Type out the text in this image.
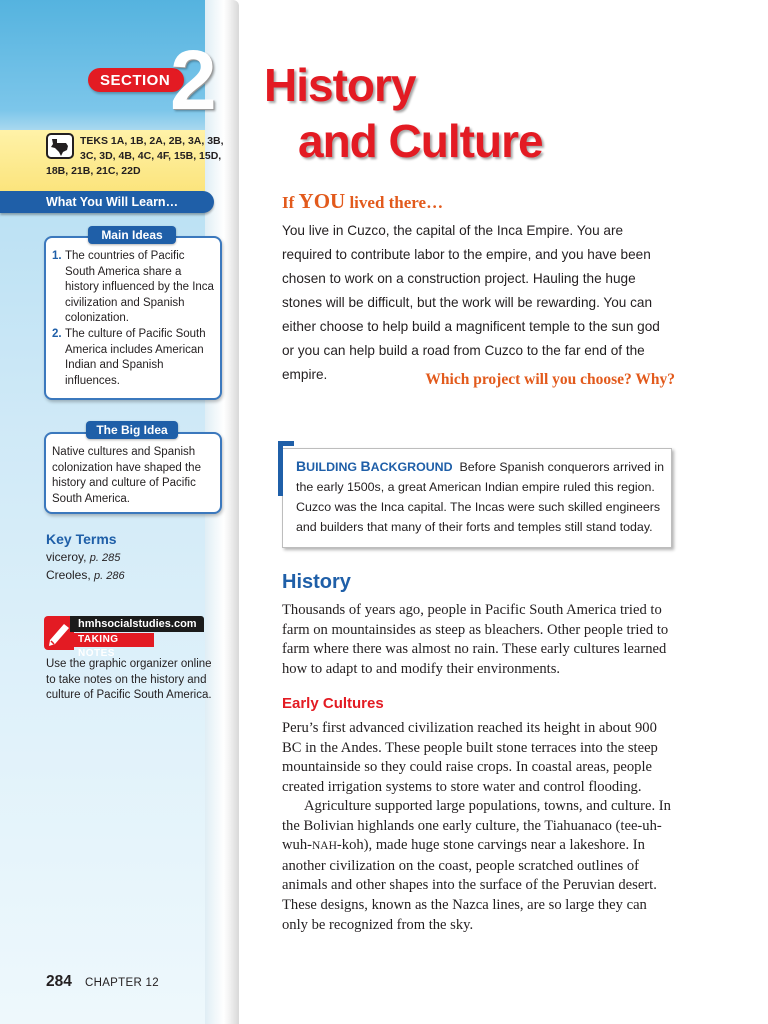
SECTION 2
TEKS 1A, 1B, 2A, 2B, 3A, 3B,
3C, 3D, 4B, 4C, 4F, 15B, 15D,
18B, 21B, 21C, 22D
What You Will Learn…
Main Ideas
1. The countries of Pacific South America share a history influenced by the Inca civilization and Spanish colonization.
2. The culture of Pacific South America includes American Indian and Spanish influences.
The Big Idea
Native cultures and Spanish colonization have shaped the history and culture of Pacific South America.
Key Terms
viceroy, p. 285
Creoles, p. 286
hmhsocialstudies.com
TAKING NOTES
Use the graphic organizer online to take notes on the history and culture of Pacific South America.
History
and Culture
If YOU lived there…
You live in Cuzco, the capital of the Inca Empire. You are required to contribute labor to the empire, and you have been chosen to work on a construction project. Hauling the huge stones will be difficult, but the work will be rewarding. You can either choose to help build a magnificent temple to the sun god or you can help build a road from Cuzco to the far end of the empire.	Which project will you choose? Why?
BUILDING BACKGROUND Before Spanish conquerors arrived in the early 1500s, a great American Indian empire ruled this region. Cuzco was the Inca capital. The Incas were such skilled engineers and builders that many of their forts and temples still stand today.
History
Thousands of years ago, people in Pacific South America tried to farm on mountainsides as steep as bleachers. Other people tried to farm where there was almost no rain. These early cultures learned how to adapt to and modify their environments.
Early Cultures
Peru’s first advanced civilization reached its height in about 900 BC in the Andes. These people built stone terraces into the steep mountainside so they could raise crops. In coastal areas, people created irrigation systems to store water and control flooding.
Agriculture supported large populations, towns, and culture. In the Bolivian highlands one early culture, the Tiahuanaco (tee-uh-wuh-NAH-koh), made huge stone carvings near a lakeshore. In another civilization on the coast, people scratched outlines of animals and other shapes into the surface of the Peruvian desert. These designs, known as the Nazca lines, are so large they can only be recognized from the sky.
284 CHAPTER 12
